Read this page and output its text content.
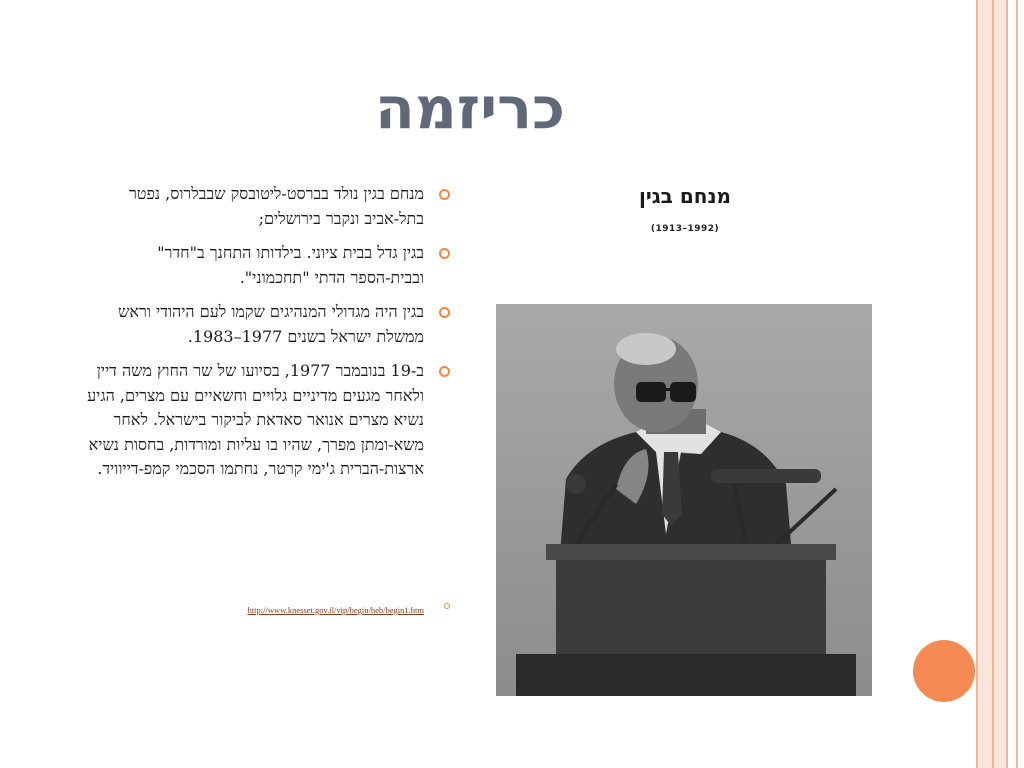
כריזמה
מנחם בגין נולד בברסט-ליטובסק שבבלרוס, נפטר בתל-אביב ונקבר בירושלים;
בגין גדל בבית ציוני. בילדותו התחנך ב"חדר" ובבית-הספר הדתי "תחכמוני".
בגין היה מגדולי המנהיגים שקמו לעם היהודי וראש ממשלת ישראל בשנים 1977–1983.
ב-19 בנובמבר 1977, בסיועו של שר החוץ משה דיין ולאחר מגעים מדיניים גלויים וחשאיים עם מצרים, הגיע נשיא מצרים אנואר סאדאת לביקור בישראל. לאחר משא-ומתן מפרך, שהיו בו עליות ומורדות, בחסות נשיא ארצות-הברית ג'ימי קרטר, נחתמו הסכמי קמפ-דייוויד.
http://www.knesset.gov.il/vip/begin/heb/begin1.htm
מנחם בגין
(1913–1992)
